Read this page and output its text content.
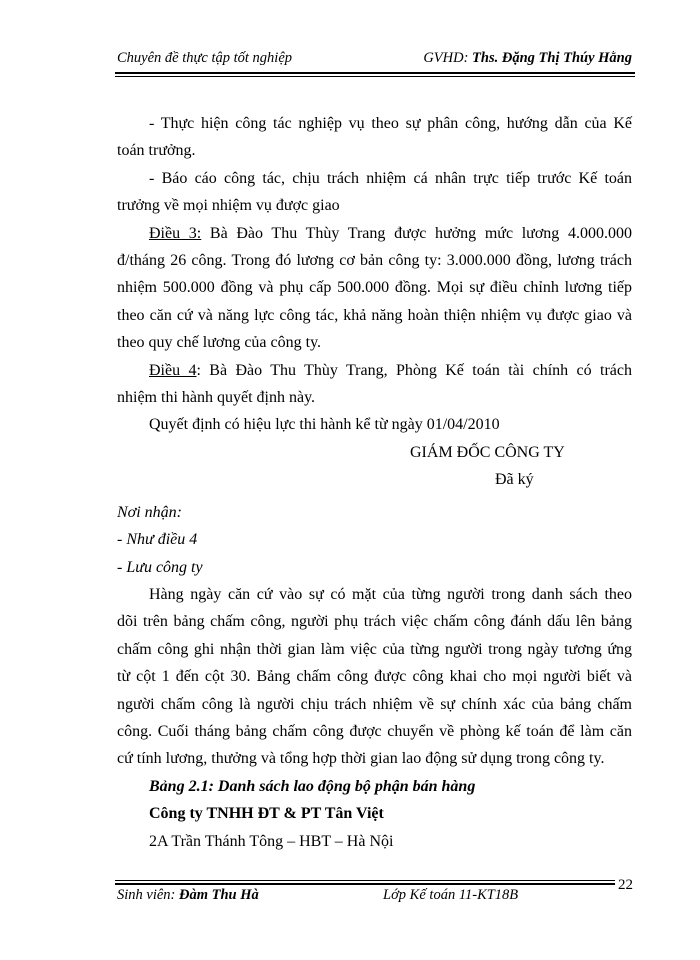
Chuyên đề thực tập tốt nghiệp	GVHD: Ths. Đặng Thị Thúy Hằng

- Thực hiện công tác nghiệp vụ theo sự phân công, hướng dẫn của Kế
toán trưởng.

- Báo cáo công tác, chịu trách nhiệm cá nhân trực tiếp trước Kế toán
trưởng về mọi nhiệm vụ được giao

Điều 3: Bà Đào Thu Thùy Trang được hưởng mức lương 4.000.000
đ/tháng 26 công. Trong đó lương cơ bản công ty: 3.000.000 đồng, lương trách
nhiệm 500.000 đồng và phụ cấp 500.000 đồng. Mọi sự điều chỉnh lương tiếp
theo căn cứ và năng lực công tác, khả năng hoàn thiện nhiệm vụ được giao và
theo quy chế lương của công ty.

Điều 4: Bà Đào Thu Thùy Trang, Phòng Kế toán tài chính có trách
nhiệm thi hành quyết định này.

Quyết định có hiệu lực thi hành kể từ ngày 01/04/2010

GIÁM ĐỐC CÔNG TY

Đã ký

Nơi nhận:

- Như điều 4

- Lưu công ty

Hàng ngày căn cứ vào sự có mặt của từng người trong danh sách theo
dõi trên bảng chấm công, người phụ trách việc chấm công đánh dấu lên bảng
chấm công ghi nhận thời gian làm việc của từng người trong ngày tương ứng
từ cột 1 đến cột 30. Bảng chấm công được công khai cho mọi người biết và
người chấm công là người chịu trách nhiệm về sự chính xác của bảng chấm
công. Cuối tháng bảng chấm công được chuyển về phòng kế toán để làm căn
cứ tính lương, thưởng và tổng hợp thời gian lao động sử dụng trong công ty.

Bảng 2.1: Danh sách lao động bộ phận bán hàng

Công ty TNHH ĐT & PT Tân Việt

2A Trần Thánh Tông – HBT – Hà Nội

Sinh viên: Đàm Thu Hà	Lớp Kế toán 11-KT18B
22
